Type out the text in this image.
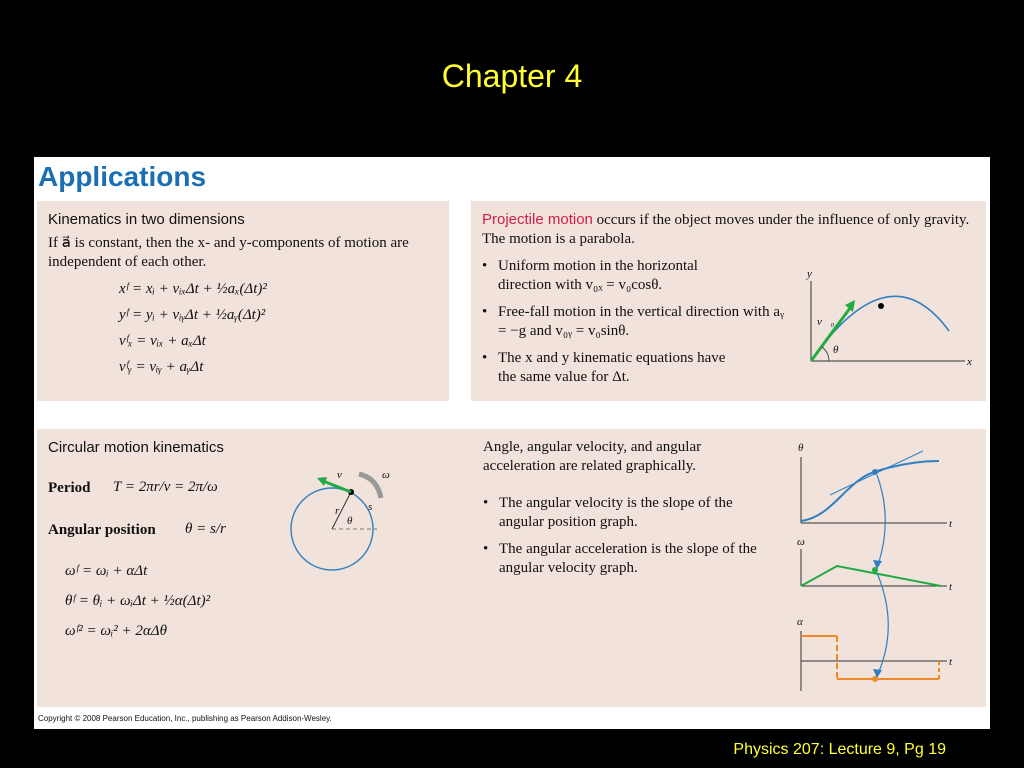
Chapter 4
Applications
Kinematics in two dimensions
If a⃗ is constant, then the x- and y-components of motion are independent of each other.
xᶠ = xᵢ + vᵢₓΔt + ½aₓ(Δt)²
yᶠ = yᵢ + vᵢᵧΔt + ½aᵧ(Δt)²
vᶠₓ = vᵢₓ + aₓΔt
vᶠᵧ = vᵢᵧ + aᵧΔt
Projectile motion occurs if the object moves under the influence of only gravity. The motion is a parabola.
• Uniform motion in the horizontal direction with v₀ₓ = v₀cosθ.
• Free-fall motion in the vertical direction with aᵧ = −g and v₀ᵧ = v₀sinθ.
• The x and y kinematic equations have the same value for Δt.
y
x
θ
v⃗₀
Circular motion kinematics
Period T = 2πr/v = 2π/ω
Angular position θ = s/r
ωᶠ = ωᵢ + αΔt
θᶠ = θᵢ + ωᵢΔt + ½α(Δt)²
ωᶠ² = ωᵢ² + 2αΔθ
v⃗	ω
r	s
θ
Angle, angular velocity, and angular acceleration are related graphically.
• The angular velocity is the slope of the angular position graph.
• The angular acceleration is the slope of the angular velocity graph.
θ
t
ω
t
α
t
Copyright © 2008 Pearson Education, Inc., publishing as Pearson Addison-Wesley.
Physics 207: Lecture 9, Pg 19
